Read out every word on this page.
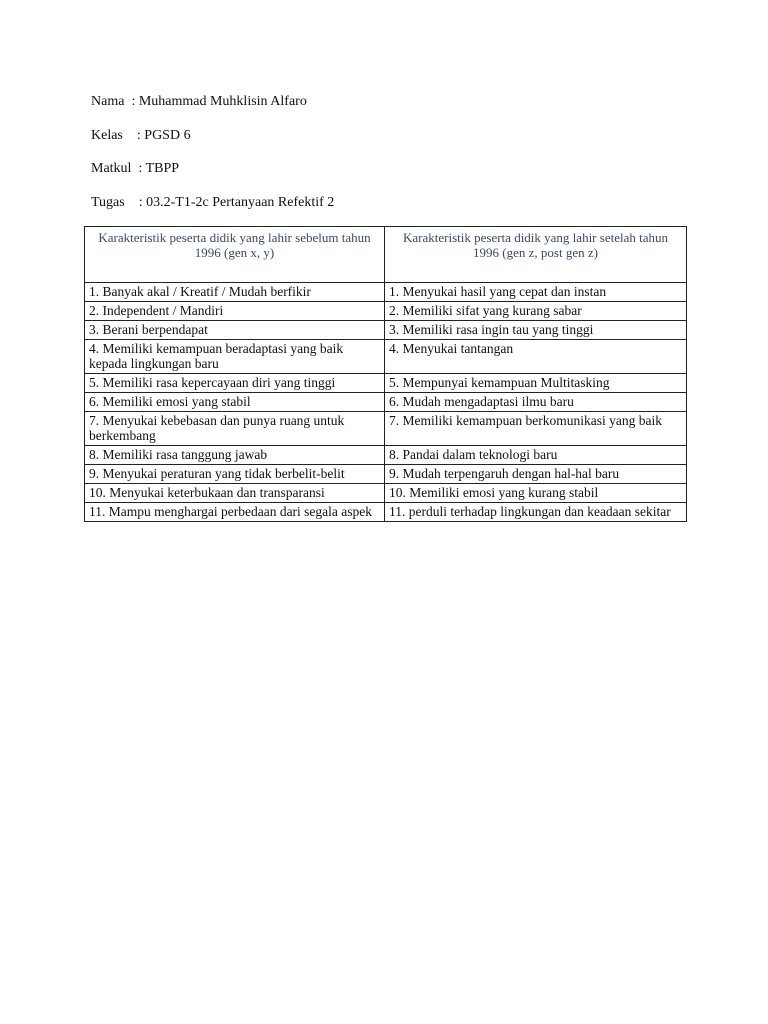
Nama  : Muhammad Muhklisin Alfaro
Kelas    : PGSD 6
Matkul  : TBPP
Tugas    : 03.2-T1-2c Pertanyaan Refektif 2
Karakteristik peserta didik yang lahir sebelum tahun 1996 (gen x, y)	Karakteristik peserta didik yang lahir setelah tahun 1996 (gen z, post gen z)
1. Banyak akal / Kreatif / Mudah berfikir	1. Menyukai hasil yang cepat dan instan
2. Independent / Mandiri	2. Memiliki sifat yang kurang sabar
3. Berani berpendapat	3. Memiliki rasa ingin tau yang tinggi
4. Memiliki kemampuan beradaptasi yang baik kepada lingkungan baru	4. Menyukai tantangan
5. Memiliki rasa kepercayaan diri yang tinggi	5. Mempunyai kemampuan Multitasking
6. Memiliki emosi yang stabil	6. Mudah mengadaptasi ilmu baru
7. Menyukai kebebasan dan punya ruang untuk berkembang	7. Memiliki kemampuan berkomunikasi yang baik
8. Memiliki rasa tanggung jawab	8. Pandai dalam teknologi baru
9. Menyukai peraturan yang tidak berbelit-belit	9. Mudah terpengaruh dengan hal-hal baru
10. Menyukai keterbukaan dan transparansi	10. Memiliki emosi yang kurang stabil
11. Mampu menghargai perbedaan dari segala aspek	11. perduli terhadap lingkungan dan keadaan sekitar
